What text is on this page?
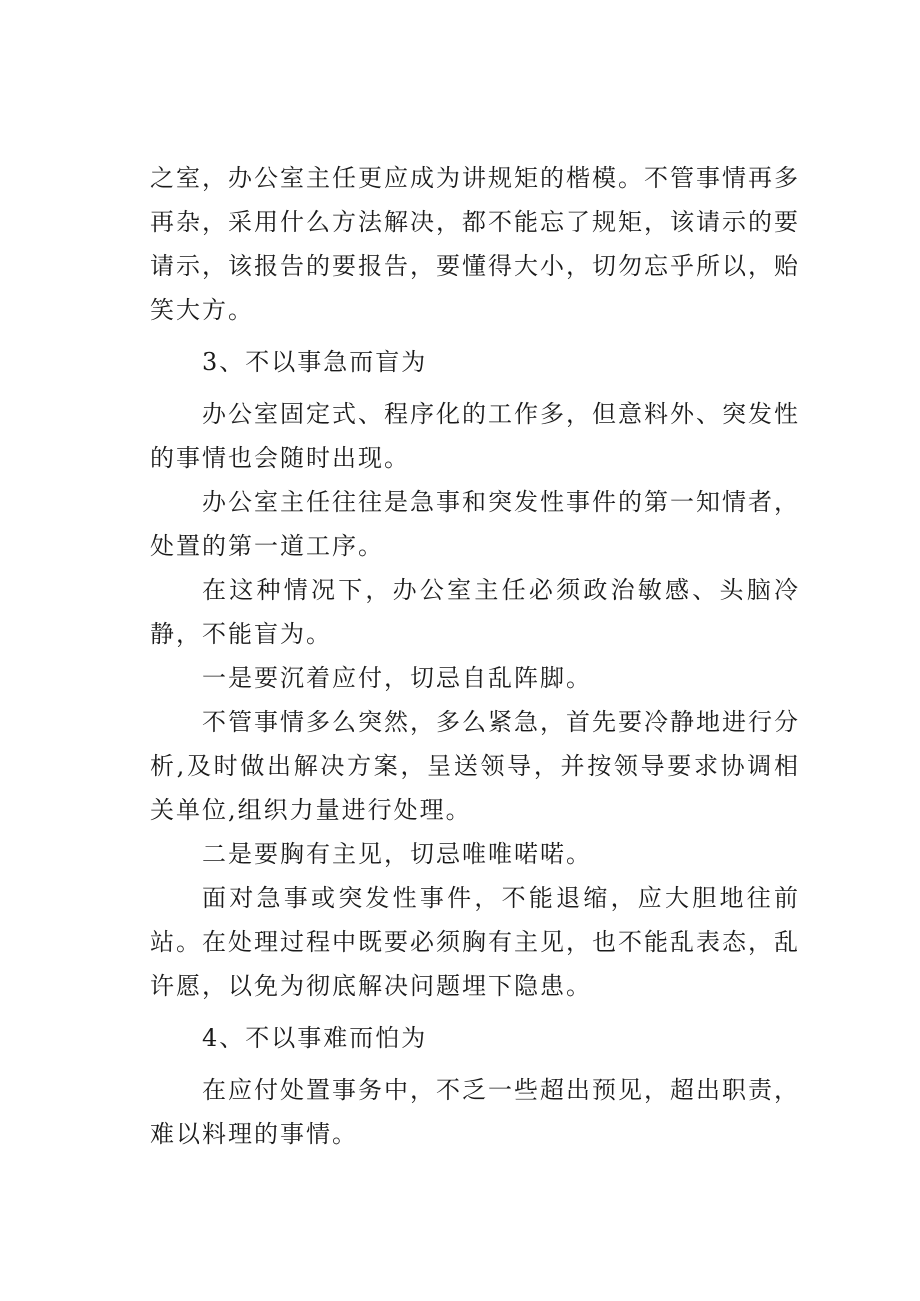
之室，办公室主任更应成为讲规矩的楷模。不管事情再多再杂，采用什么方法解决，都不能忘了规矩，该请示的要请示，该报告的要报告，要懂得大小，切勿忘乎所以，贻笑大方。

3、不以事急而盲为

办公室固定式、程序化的工作多，但意料外、突发性的事情也会随时出现。

办公室主任往往是急事和突发性事件的第一知情者，处置的第一道工序。

在这种情况下，办公室主任必须政治敏感、头脑冷静，不能盲为。

一是要沉着应付，切忌自乱阵脚。

不管事情多么突然，多么紧急，首先要冷静地进行分析,及时做出解决方案，呈送领导，并按领导要求协调相关单位,组织力量进行处理。

二是要胸有主见，切忌唯唯喏喏。

面对急事或突发性事件，不能退缩，应大胆地往前站。在处理过程中既要必须胸有主见，也不能乱表态，乱许愿，以免为彻底解决问题埋下隐患。

4、不以事难而怕为

在应付处置事务中，不乏一些超出预见，超出职责，难以料理的事情。
